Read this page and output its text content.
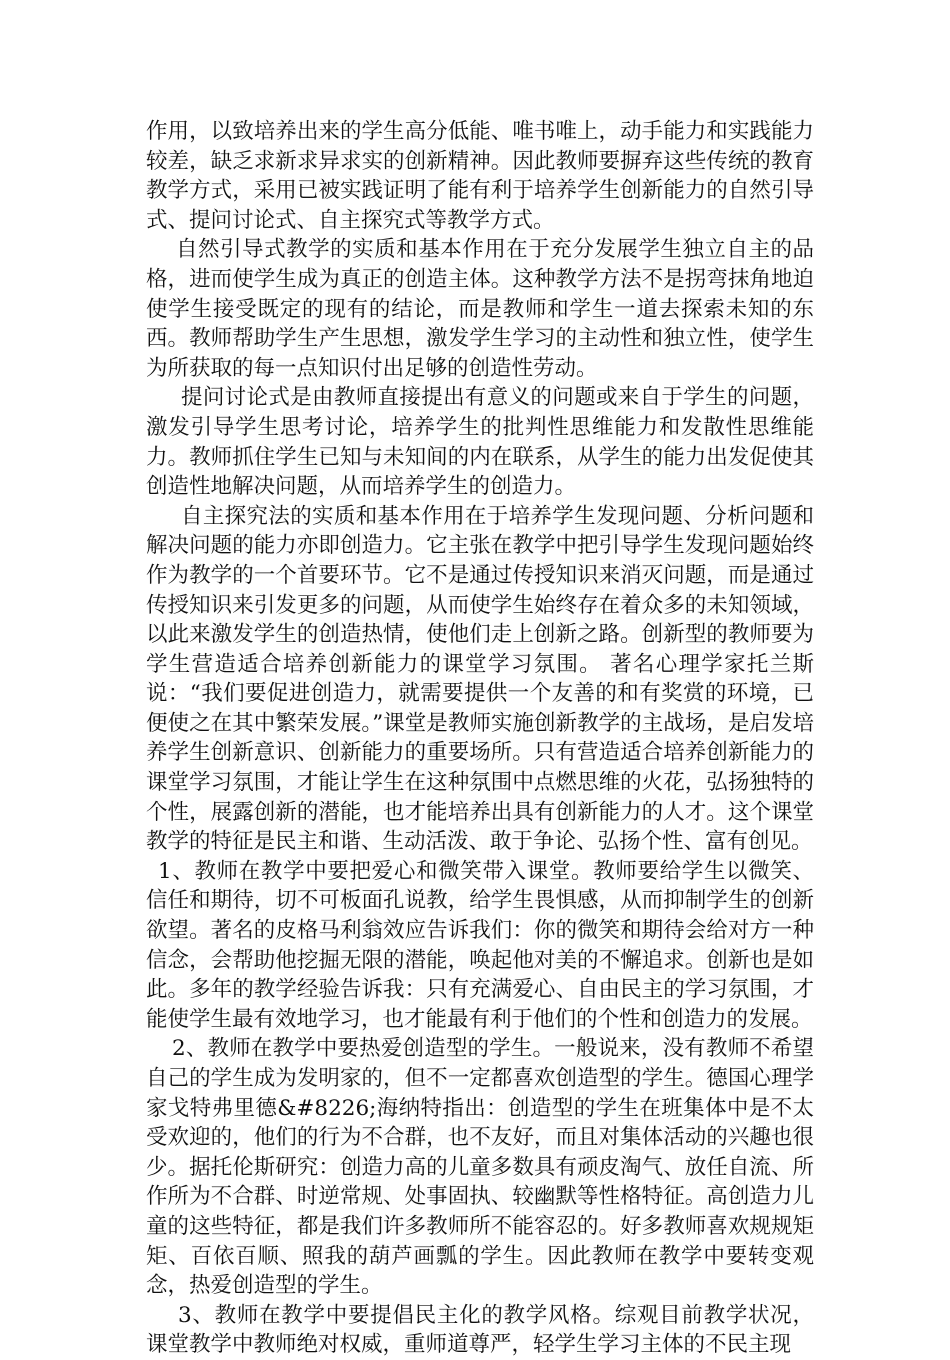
作用，以致培养出来的学生高分低能、唯书唯上，动手能力和实践能力较差，缺乏求新求异求实的创新精神。因此教师要摒弃这些传统的教育教学方式，采用已被实践证明了能有利于培养学生创新能力的自然引导式、提问讨论式、自主探究式等教学方式。

自然引导式教学的实质和基本作用在于充分发展学生独立自主的品格，进而使学生成为真正的创造主体。这种教学方法不是拐弯抹角地迫使学生接受既定的现有的结论，而是教师和学生一道去探索未知的东西。教师帮助学生产生思想，激发学生学习的主动性和独立性，使学生为所获取的每一点知识付出足够的创造性劳动。

提问讨论式是由教师直接提出有意义的问题或来自于学生的问题，激发引导学生思考讨论，培养学生的批判性思维能力和发散性思维能力。教师抓住学生已知与未知间的内在联系，从学生的能力出发促使其创造性地解决问题，从而培养学生的创造力。

自主探究法的实质和基本作用在于培养学生发现问题、分析问题和解决问题的能力亦即创造力。它主张在教学中把引导学生发现问题始终作为教学的一个首要环节。它不是通过传授知识来消灭问题，而是通过传授知识来引发更多的问题，从而使学生始终存在着众多的未知领域，以此来激发学生的创造热情，使他们走上创新之路。创新型的教师要为学生营造适合培养创新能力的课堂学习氛围。 著名心理学家托兰斯说：“我们要促进创造力，就需要提供一个友善的和有奖赏的环境，已便使之在其中繁荣发展。”课堂是教师实施创新教学的主战场，是启发培养学生创新意识、创新能力的重要场所。只有营造适合培养创新能力的课堂学习氛围，才能让学生在这种氛围中点燃思维的火花，弘扬独特的个性，展露创新的潜能，也才能培养出具有创新能力的人才。这个课堂教学的特征是民主和谐、生动活泼、敢于争论、弘扬个性、富有创见。

1、教师在教学中要把爱心和微笑带入课堂。教师要给学生以微笑、信任和期待，切不可板面孔说教，给学生畏惧感，从而抑制学生的创新欲望。著名的皮格马利翁效应告诉我们：你的微笑和期待会给对方一种信念，会帮助他挖掘无限的潜能，唤起他对美的不懈追求。创新也是如此。多年的教学经验告诉我：只有充满爱心、自由民主的学习氛围，才能使学生最有效地学习，也才能最有利于他们的个性和创造力的发展。

2、教师在教学中要热爱创造型的学生。一般说来，没有教师不希望自己的学生成为发明家的，但不一定都喜欢创造型的学生。德国心理学家戈特弗里德&#8226;海纳特指出：创造型的学生在班集体中是不太受欢迎的，他们的行为不合群，也不友好，而且对集体活动的兴趣也很少。据托伦斯研究：创造力高的儿童多数具有顽皮淘气、放任自流、所作所为不合群、时逆常规、处事固执、较幽默等性格特征。高创造力儿童的这些特征，都是我们许多教师所不能容忍的。好多教师喜欢规规矩矩、百依百顺、照我的葫芦画瓢的学生。因此教师在教学中要转变观念，热爱创造型的学生。

3、教师在教学中要提倡民主化的教学风格。综观目前教学状况，课堂教学中教师绝对权威，重师道尊严，轻学生学习主体的不民主现
